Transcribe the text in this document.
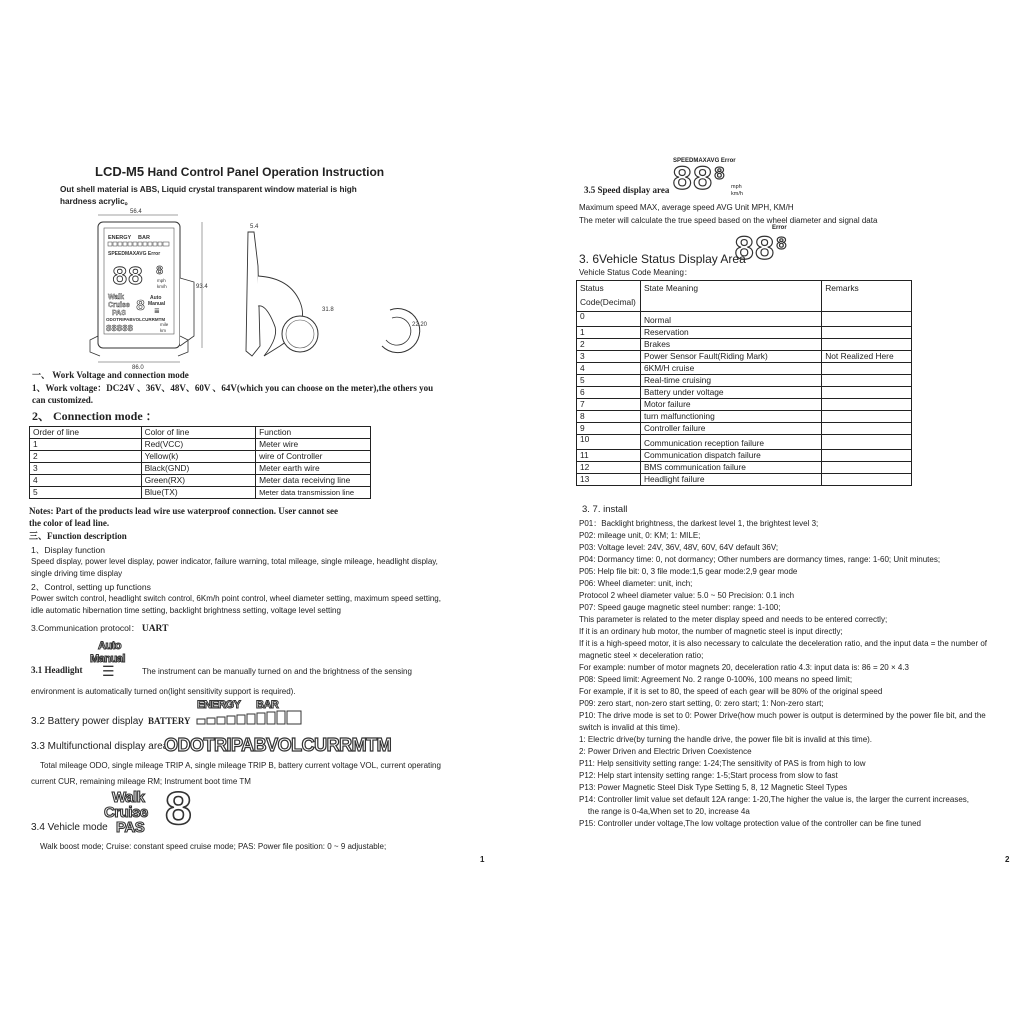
LCD-M5 Hand Control Panel Operation Instruction
Out shell material is ABS, Liquid crystal transparent window material is high
hardness acrylic。
56.4
ENERGY BAR
SPEEDMAXAVG Error
88 8
mph
km/h
Walk
Cruise
PAS 8 Auto
Manual
≣
ODOTRIPABVOLCURRMTM
88888	mile
km
93.4
86.0
5.4
31.8
22.20
一、 Work Voltage and connection mode
1、Work voltage：DC24V 、36V、48V、60V 、64V(which you can choose on the meter),the others you
can customized.
2、 Connection mode ：
Order of line	Color of line	Function
1	Red(VCC)	Meter wire
2	Yellow(k)	wire of Controller
3	Black(GND)	Meter earth wire
4	Green(RX)	Meter data receiving line
5	Blue(TX)	Meter data transmission line
Notes: Part of the products lead wire use waterproof connection. User cannot see
the color of lead line.
三、Function description
1、Display function
Speed display, power level display, power indicator, failure warning, total mileage, single mileage, headlight display,
single driving time display
2、Control, setting up functions
Power switch control, headlight switch control, 6Km/h point control, wheel diameter setting, maximum speed setting,
idle automatic hibernation time setting, backlight brightness setting, voltage level setting
3.Communication protocol： UART
3.1 Headlight
Auto
Manual
☰	The instrument can be manually turned on and the brightness of the sensing
environment is automatically turned on(light sensitivity support is required).
3.2 Battery power display BATTERY
ENERGY BAR
3.3 Multifunctional display area
ODOTRIPABVOLCURRMTM
Total mileage ODO, single mileage TRIP A, single mileage TRIP B, battery current voltage VOL, current operating
current CUR, remaining mileage RM; Instrument boot time TM
Walk
Cruise
PAS 8
3.4 Vehicle mode
Walk boost mode; Cruise: constant speed cruise mode; PAS: Power file position: 0 ~ 9 adjustable;
1
SPEEDMAXAVG Error
88 8
mph
km/h
3.5 Speed display area
Maximum speed MAX, average speed AVG Unit MPH, KM/H
The meter will calculate the true speed based on the wheel diameter and signal data
Error
88 8
3. 6Vehicle Status Display Area
Vehicle Status Code Meaning：
Status
Code(Decimal)	State Meaning	Remarks
0	Normal	
1	Reservation	
2	Brakes	
3	Power Sensor Fault(Riding Mark)	Not Realized Here
4	6KM/H cruise	
5	Real-time cruising	
6	Battery under voltage	
7	Motor failure	
8	turn malfunctioning	
9	Controller failure	
10	Communication reception failure	
11	Communication dispatch failure	
12	BMS communication failure	
13	Headlight failure	
3. 7. install
P01：Backlight brightness, the darkest level 1, the brightest level 3;
P02: mileage unit, 0: KM; 1: MILE;
P03: Voltage level: 24V, 36V, 48V, 60V, 64V default 36V;
P04: Dormancy time: 0, not dormancy; Other numbers are dormancy times, range: 1-60; Unit minutes;
P05: Help file bit: 0, 3 file mode:1,5 gear mode:2,9 gear mode
P06: Wheel diameter: unit, inch;
Protocol 2 wheel diameter value: 5.0 ~ 50 Precision: 0.1 inch
P07: Speed gauge magnetic steel number: range: 1-100;
This parameter is related to the meter display speed and needs to be entered correctly;
If it is an ordinary hub motor, the number of magnetic steel is input directly;
If it is a high-speed motor, it is also necessary to calculate the deceleration ratio, and the input data = the number of
magnetic steel × deceleration ratio;
For example: number of motor magnets 20, deceleration ratio 4.3: input data is: 86 = 20 × 4.3
P08: Speed limit: Agreement No. 2 range 0-100%, 100 means no speed limit;
For example, if it is set to 80, the speed of each gear will be 80% of the original speed
P09: zero start, non-zero start setting, 0: zero start; 1: Non-zero start;
P10: The drive mode is set to 0: Power Drive(how much power is output is determined by the power file bit, and the
switch is invalid at this time).
1: Electric drive(by turning the handle drive, the power file bit is invalid at this time).
2: Power Driven and Electric Driven Coexistence
P11: Help sensitivity setting range: 1-24;The sensitivity of PAS is from high to low
P12: Help start intensity setting range: 1-5;Start process from slow to fast
P13: Power Magnetic Steel Disk Type Setting 5, 8, 12 Magnetic Steel Types
P14: Controller limit value set default 12A range: 1-20,The higher the value is, the larger the current increases,
the range is 0-4a,When set to 20, increase 4a
P15: Controller under voltage,The low voltage protection value of the controller can be fine tuned
2
